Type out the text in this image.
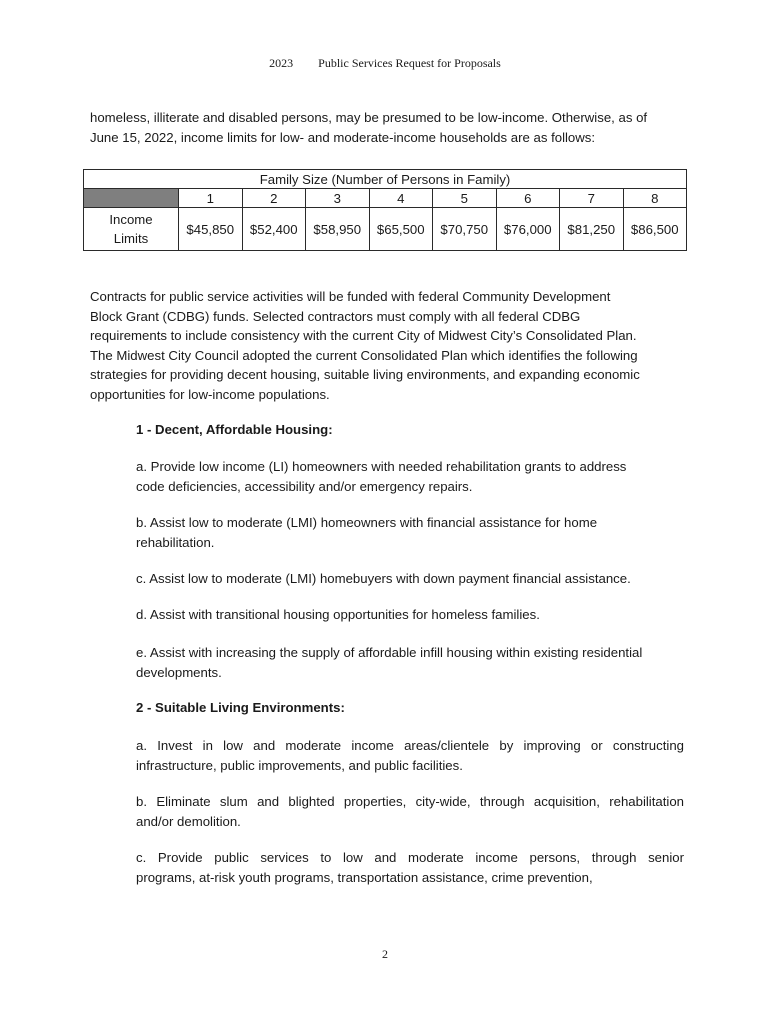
2023 Public Services Request for Proposals
homeless, illiterate and disabled persons, may be presumed to be low-income. Otherwise, as of
June 15, 2022, income limits for low- and moderate-income households are as follows:
Family Size (Number of Persons in Family)								
	1	2	3	4	5	6	7	8

Income
Limits	$45,850	$52,400	$58,950	$65,500	$70,750	$76,000	$81,250	$86,500
Contracts for public service activities will be funded with federal Community Development
Block Grant (CDBG) funds. Selected contractors must comply with all federal CDBG
requirements to include consistency with the current City of Midwest City’s Consolidated Plan.
The Midwest City Council adopted the current Consolidated Plan which identifies the following
strategies for providing decent housing, suitable living environments, and expanding economic
opportunities for low-income populations.
1 - Decent, Affordable Housing:
a. Provide low income (LI) homeowners with needed rehabilitation grants to address
code deficiencies, accessibility and/or emergency repairs.
b. Assist low to moderate (LMI) homeowners with financial assistance for home
rehabilitation.
c. Assist low to moderate (LMI) homebuyers with down payment financial assistance.
d. Assist with transitional housing opportunities for homeless families.
e. Assist with increasing the supply of affordable infill housing within existing residential
developments.
2 - Suitable Living Environments:
a. Invest in low and moderate income areas/clientele by improving or constructing
infrastructure, public improvements, and public facilities.
b. Eliminate slum and blighted properties, city-wide, through acquisition, rehabilitation
and/or demolition.
c. Provide public services to low and moderate income persons, through senior
programs, at-risk youth programs, transportation assistance, crime prevention,
2
